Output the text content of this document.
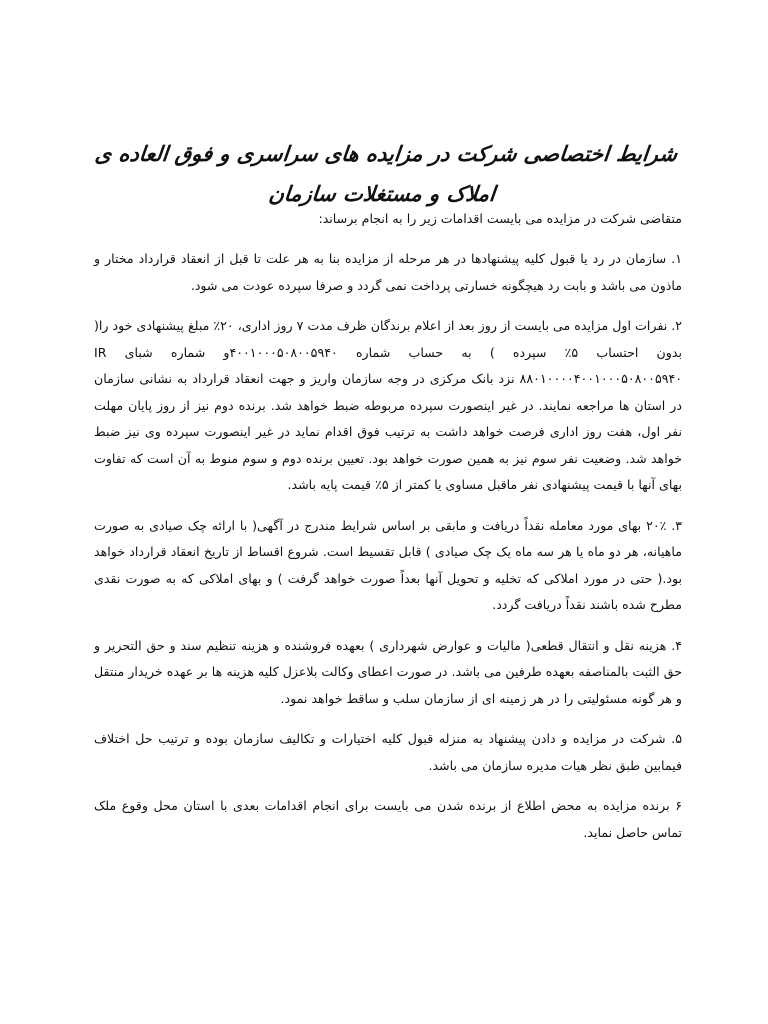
شرایط اختصاصی شرکت در مزایده های سراسری و فوق العاده ی املاک و مستغلات سازمان

متقاضی شرکت در مزایده می بایست اقدامات زیر را به انجام برساند:

۱. سازمان در رد یا قبول کلیه پیشنهادها در هر مرحله از مزایده بنا به هر علت تا قبل از انعقاد قرارداد مختار و ماذون می باشد و بابت رد هیچگونه خسارتی پرداخت نمی گردد و صرفا سپرده عودت می شود.

۲. نفرات اول مزایده می بایست از روز بعد از اعلام برندگان ظرف مدت ۷ روز اداری، ۲۰٪ مبلغ پیشنهادی خود را( بدون احتساب ۵٪ سپرده ) به حساب شماره ۴۰۰۱۰۰۰۵۰۸۰۰۵۹۴۰و شماره شبای IR ۸۸۰۱۰۰۰۰۴۰۰۱۰۰۰۵۰۸۰۰۵۹۴۰ نزد بانک مرکزی در وجه سازمان واریز و جهت انعقاد قرارداد به نشانی سازمان در استان ها مراجعه نمایند. در غیر اینصورت سپرده مربوطه ضبط خواهد شد. برنده دوم نیز از روز پایان مهلت نفر اول، هفت روز اداری فرصت خواهد داشت به ترتیب فوق اقدام نماید در غیر اینصورت سپرده وی نیز ضبط خواهد شد. وضعیت نفر سوم نیز به همین صورت خواهد بود. تعیین برنده دوم و سوم منوط به آن است که تفاوت بهای آنها با قیمت پیشنهادی نفر ماقبل مساوی یا کمتر از ۵٪ قیمت پایه باشد.

۳. ۲۰٪ بهای مورد معامله نقداً دریافت و مابقی بر اساس شرایط مندرج در آگهی( با ارائه چک صیادی به صورت ماهیانه، هر دو ماه یا هر سه ماه یک چک صیادی ) قابل تقسیط است. شروع اقساط از تاریخ انعقاد قرارداد خواهد بود.( حتی در مورد املاکی که تخلیه و تحویل آنها بعداً صورت خواهد گرفت ) و بهای املاکی که به صورت نقدی مطرح شده باشند نقداً دریافت گردد.

۴. هزینه نقل و انتقال قطعی( مالیات و عوارض شهرداری ) بعهده فروشنده و هزینه تنظیم سند و حق التحریر و حق الثبت بالمناصفه بعهده طرفین می باشد. در صورت اعطای وکالت بلاعزل کلیه هزینه ها بر عهده خریدار منتقل و هر گونه مسئولیتی را در هر زمینه ای از سازمان سلب و ساقط خواهد نمود.

۵. شرکت در مزایده و دادن پیشنهاد به منزله قبول کلیه اختیارات و تکالیف سازمان بوده و ترتیب حل اختلاف فیمابین طبق نظر هیات مدیره سازمان می باشد.

۶ برنده مزایده به محض اطلاع از برنده شدن می بایست برای انجام اقدامات بعدی با استان محل وقوع ملک تماس حاصل نماید.
